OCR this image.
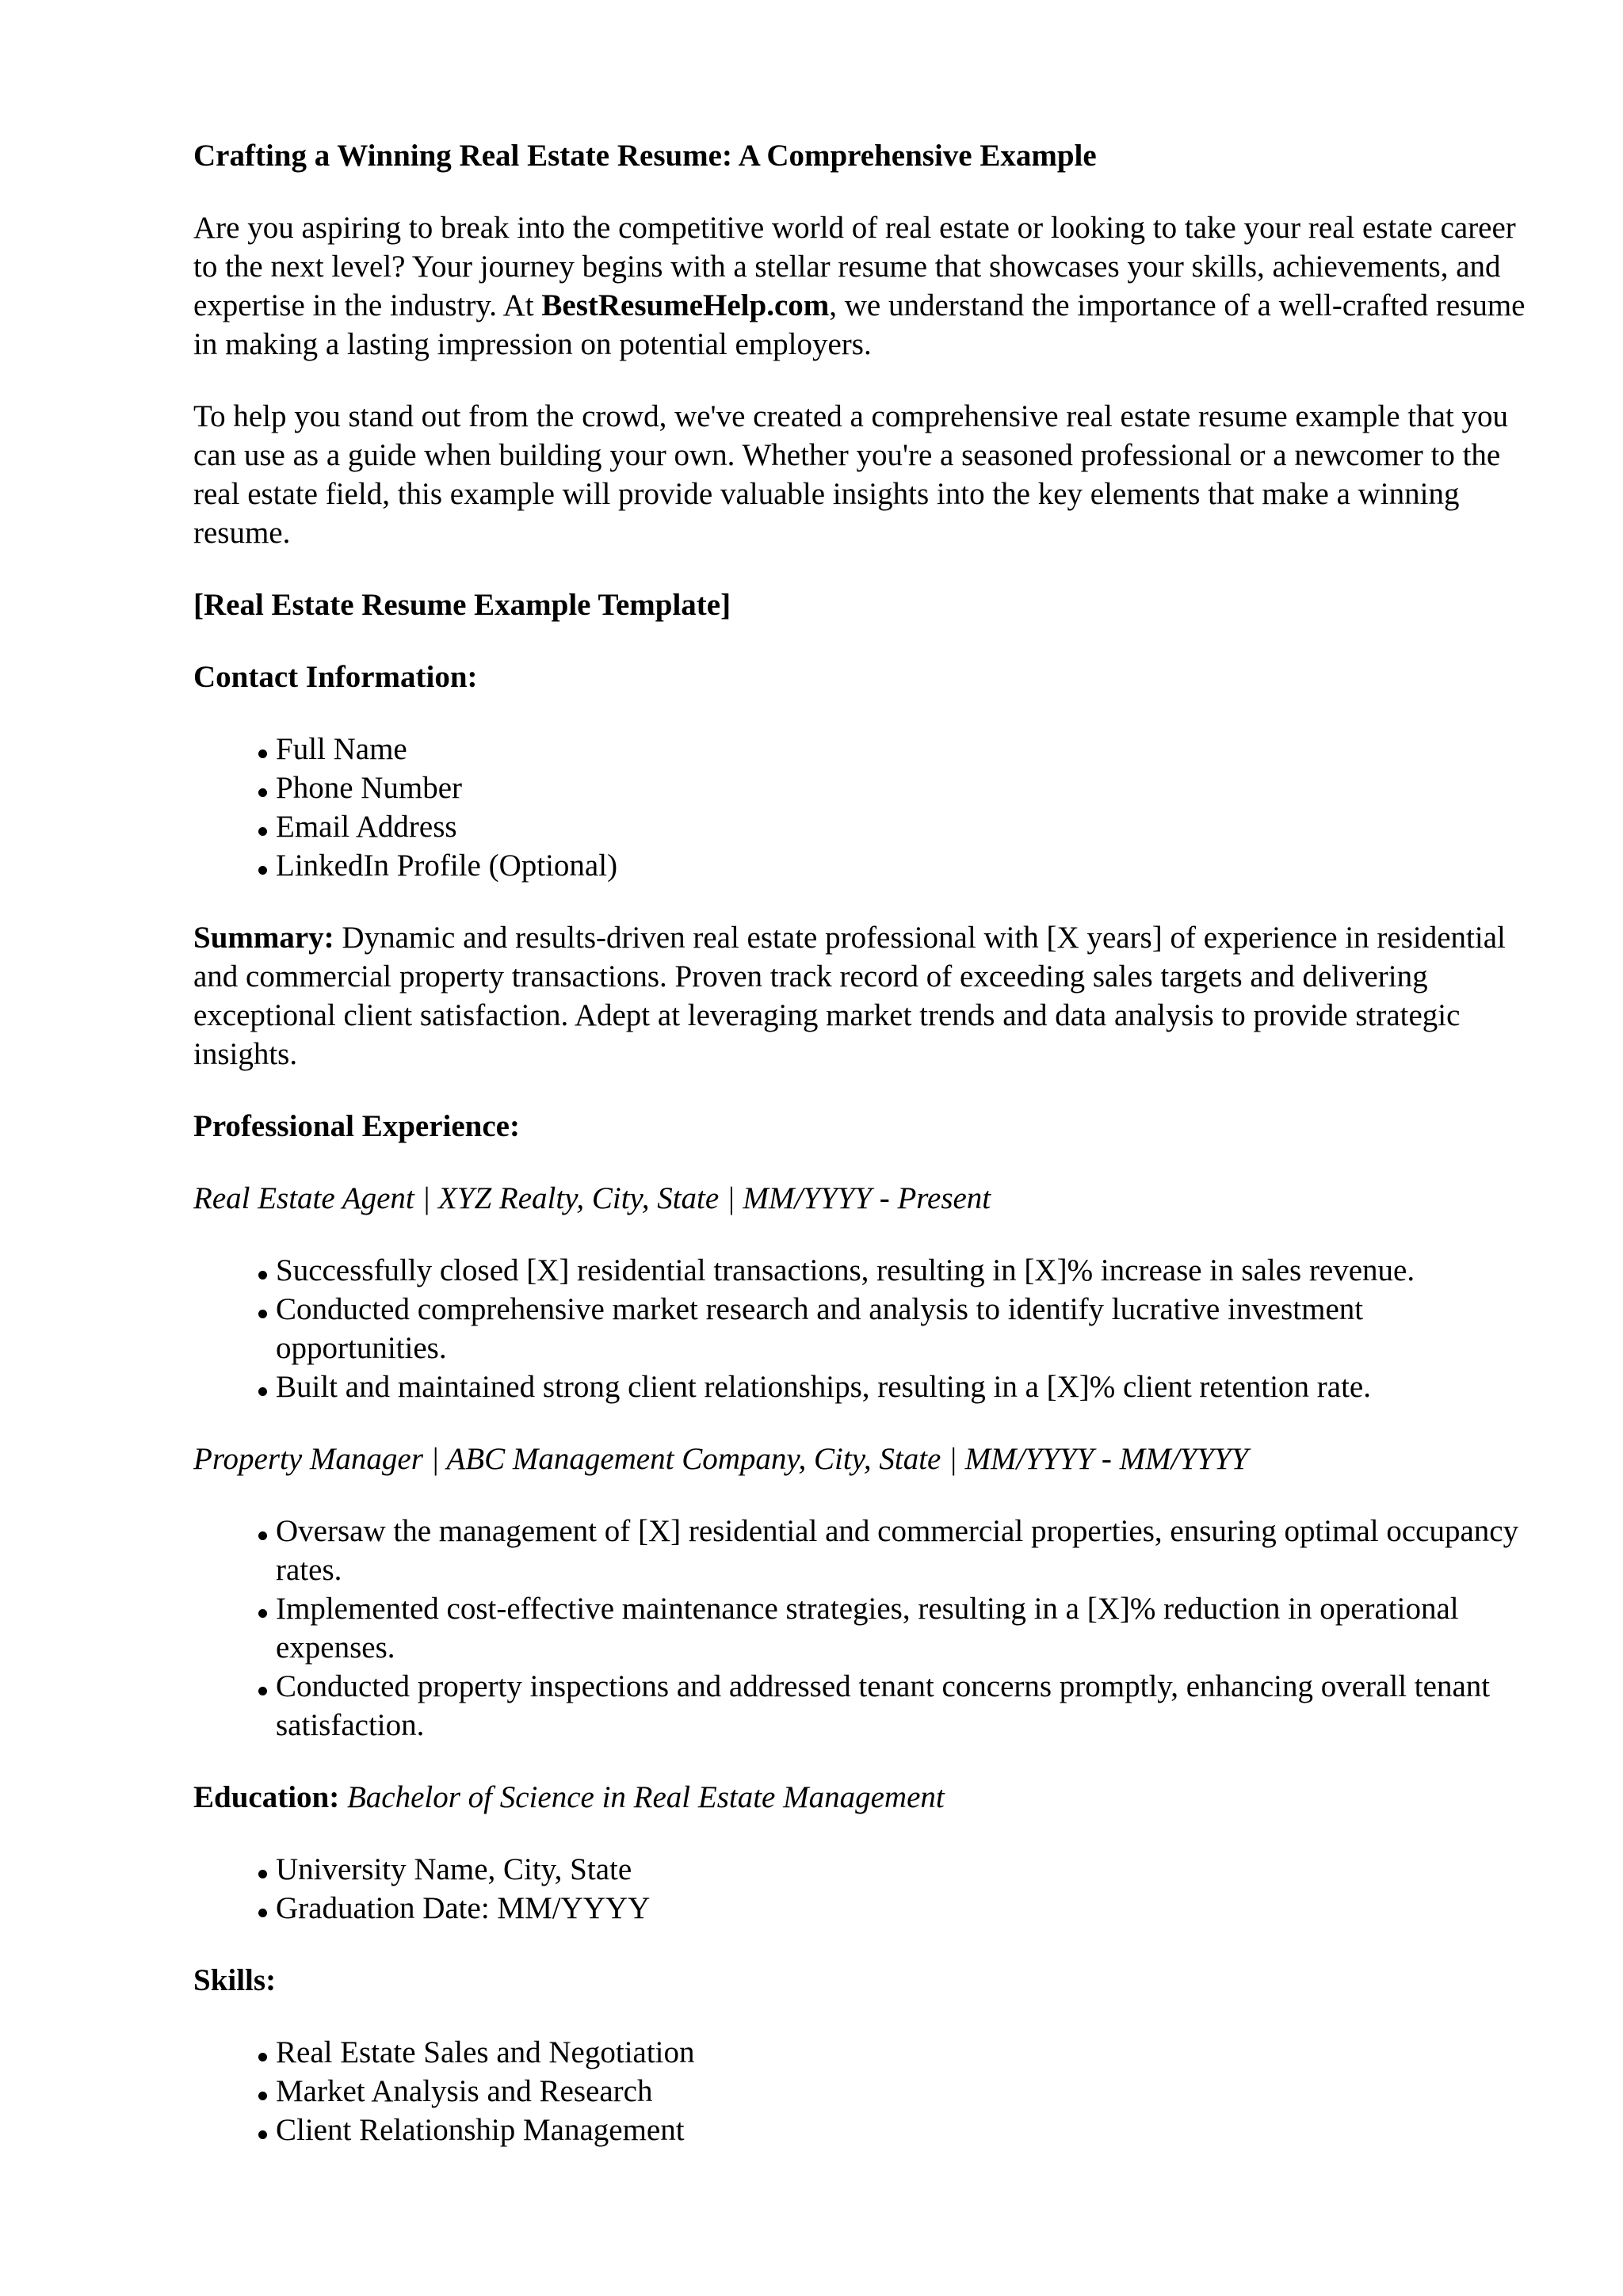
Crafting a Winning Real Estate Resume: A Comprehensive Example

Are you aspiring to break into the competitive world of real estate or looking to take your real estate career to the next level? Your journey begins with a stellar resume that showcases your skills, achievements, and expertise in the industry. At BestResumeHelp.com, we understand the importance of a well-crafted resume in making a lasting impression on potential employers.

To help you stand out from the crowd, we've created a comprehensive real estate resume example that you can use as a guide when building your own. Whether you're a seasoned professional or a newcomer to the real estate field, this example will provide valuable insights into the key elements that make a winning resume.

[Real Estate Resume Example Template]

Contact Information:

Full Name
Phone Number
Email Address
LinkedIn Profile (Optional)

Summary: Dynamic and results-driven real estate professional with [X years] of experience in residential and commercial property transactions. Proven track record of exceeding sales targets and delivering exceptional client satisfaction. Adept at leveraging market trends and data analysis to provide strategic insights.

Professional Experience:

Real Estate Agent | XYZ Realty, City, State | MM/YYYY - Present

Successfully closed [X] residential transactions, resulting in [X]% increase in sales revenue.
Conducted comprehensive market research and analysis to identify lucrative investment opportunities.
Built and maintained strong client relationships, resulting in a [X]% client retention rate.

Property Manager | ABC Management Company, City, State | MM/YYYY - MM/YYYY

Oversaw the management of [X] residential and commercial properties, ensuring optimal occupancy rates.
Implemented cost-effective maintenance strategies, resulting in a [X]% reduction in operational expenses.
Conducted property inspections and addressed tenant concerns promptly, enhancing overall tenant satisfaction.

Education: Bachelor of Science in Real Estate Management

University Name, City, State
Graduation Date: MM/YYYY

Skills:

Real Estate Sales and Negotiation
Market Analysis and Research
Client Relationship Management
